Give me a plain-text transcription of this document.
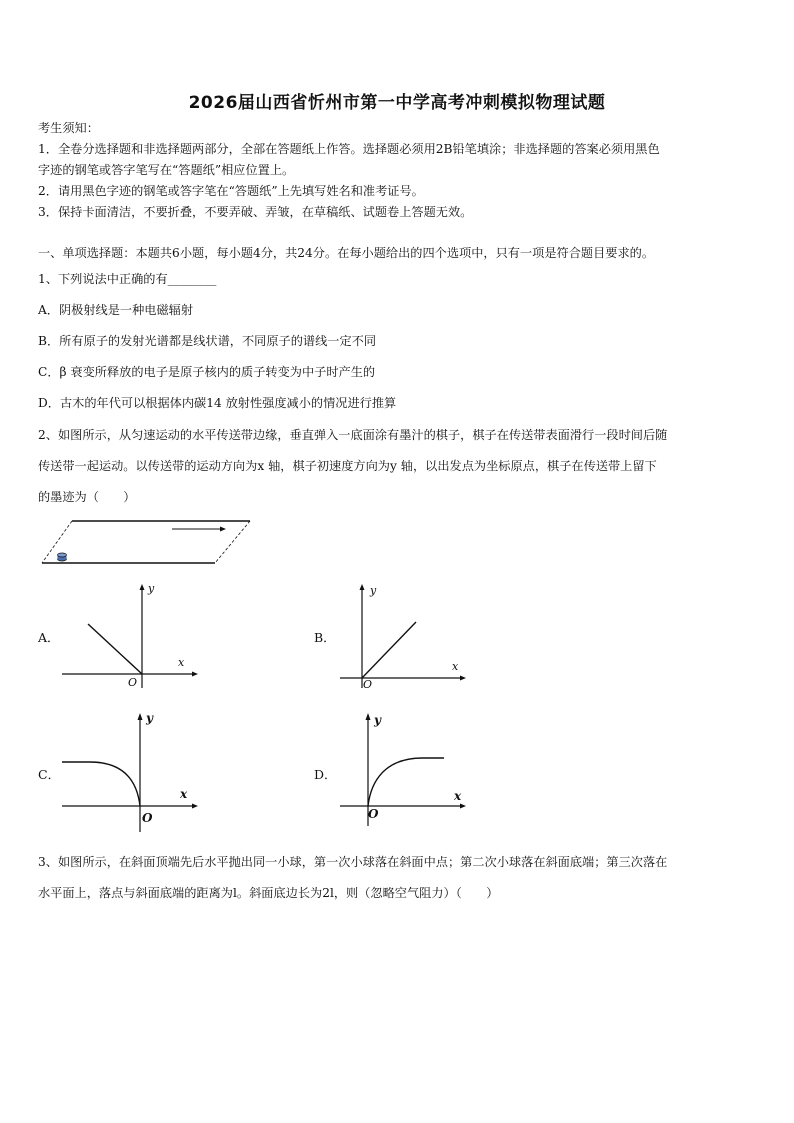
2026届山西省忻州市第一中学高考冲刺模拟物理试题
考生须知：
1．全卷分选择题和非选择题两部分，全部在答题纸上作答。选择题必须用2B铅笔填涂；非选择题的答案必须用黑色
字迹的钢笔或答字笔写在“答题纸”相应位置上。
2．请用黑色字迹的钢笔或答字笔在“答题纸”上先填写姓名和准考证号。
3．保持卡面清洁，不要折叠，不要弄破、弄皱，在草稿纸、试题卷上答题无效。
一、单项选择题：本题共6小题，每小题4分，共24分。在每小题给出的四个选项中，只有一项是符合题目要求的。
1、下列说法中正确的有________
A．阴极射线是一种电磁辐射
B．所有原子的发射光谱都是线状谱，不同原子的谱线一定不同
C．β 衰变所释放的电子是原子核内的质子转变为中子时产生的
D．古木的年代可以根据体内碳14 放射性强度减小的情况进行推算
2、如图所示，从匀速运动的水平传送带边缘，垂直弹入一底面涂有墨汁的棋子，棋子在传送带表面滑行一段时间后随
传送带一起运动。以传送带的运动方向为x 轴，棋子初速度方向为y 轴，以出发点为坐标原点，棋子在传送带上留下
的墨迹为（　　）
A．
y
x
O
B．
y
x
O
C．
y
x
O
D．
y
x
O
3、如图所示，在斜面顶端先后水平抛出同一小球，第一次小球落在斜面中点；第二次小球落在斜面底端；第三次落在
水平面上，落点与斜面底端的距离为l。斜面底边长为2l，则（忽略空气阻力）（　　）
